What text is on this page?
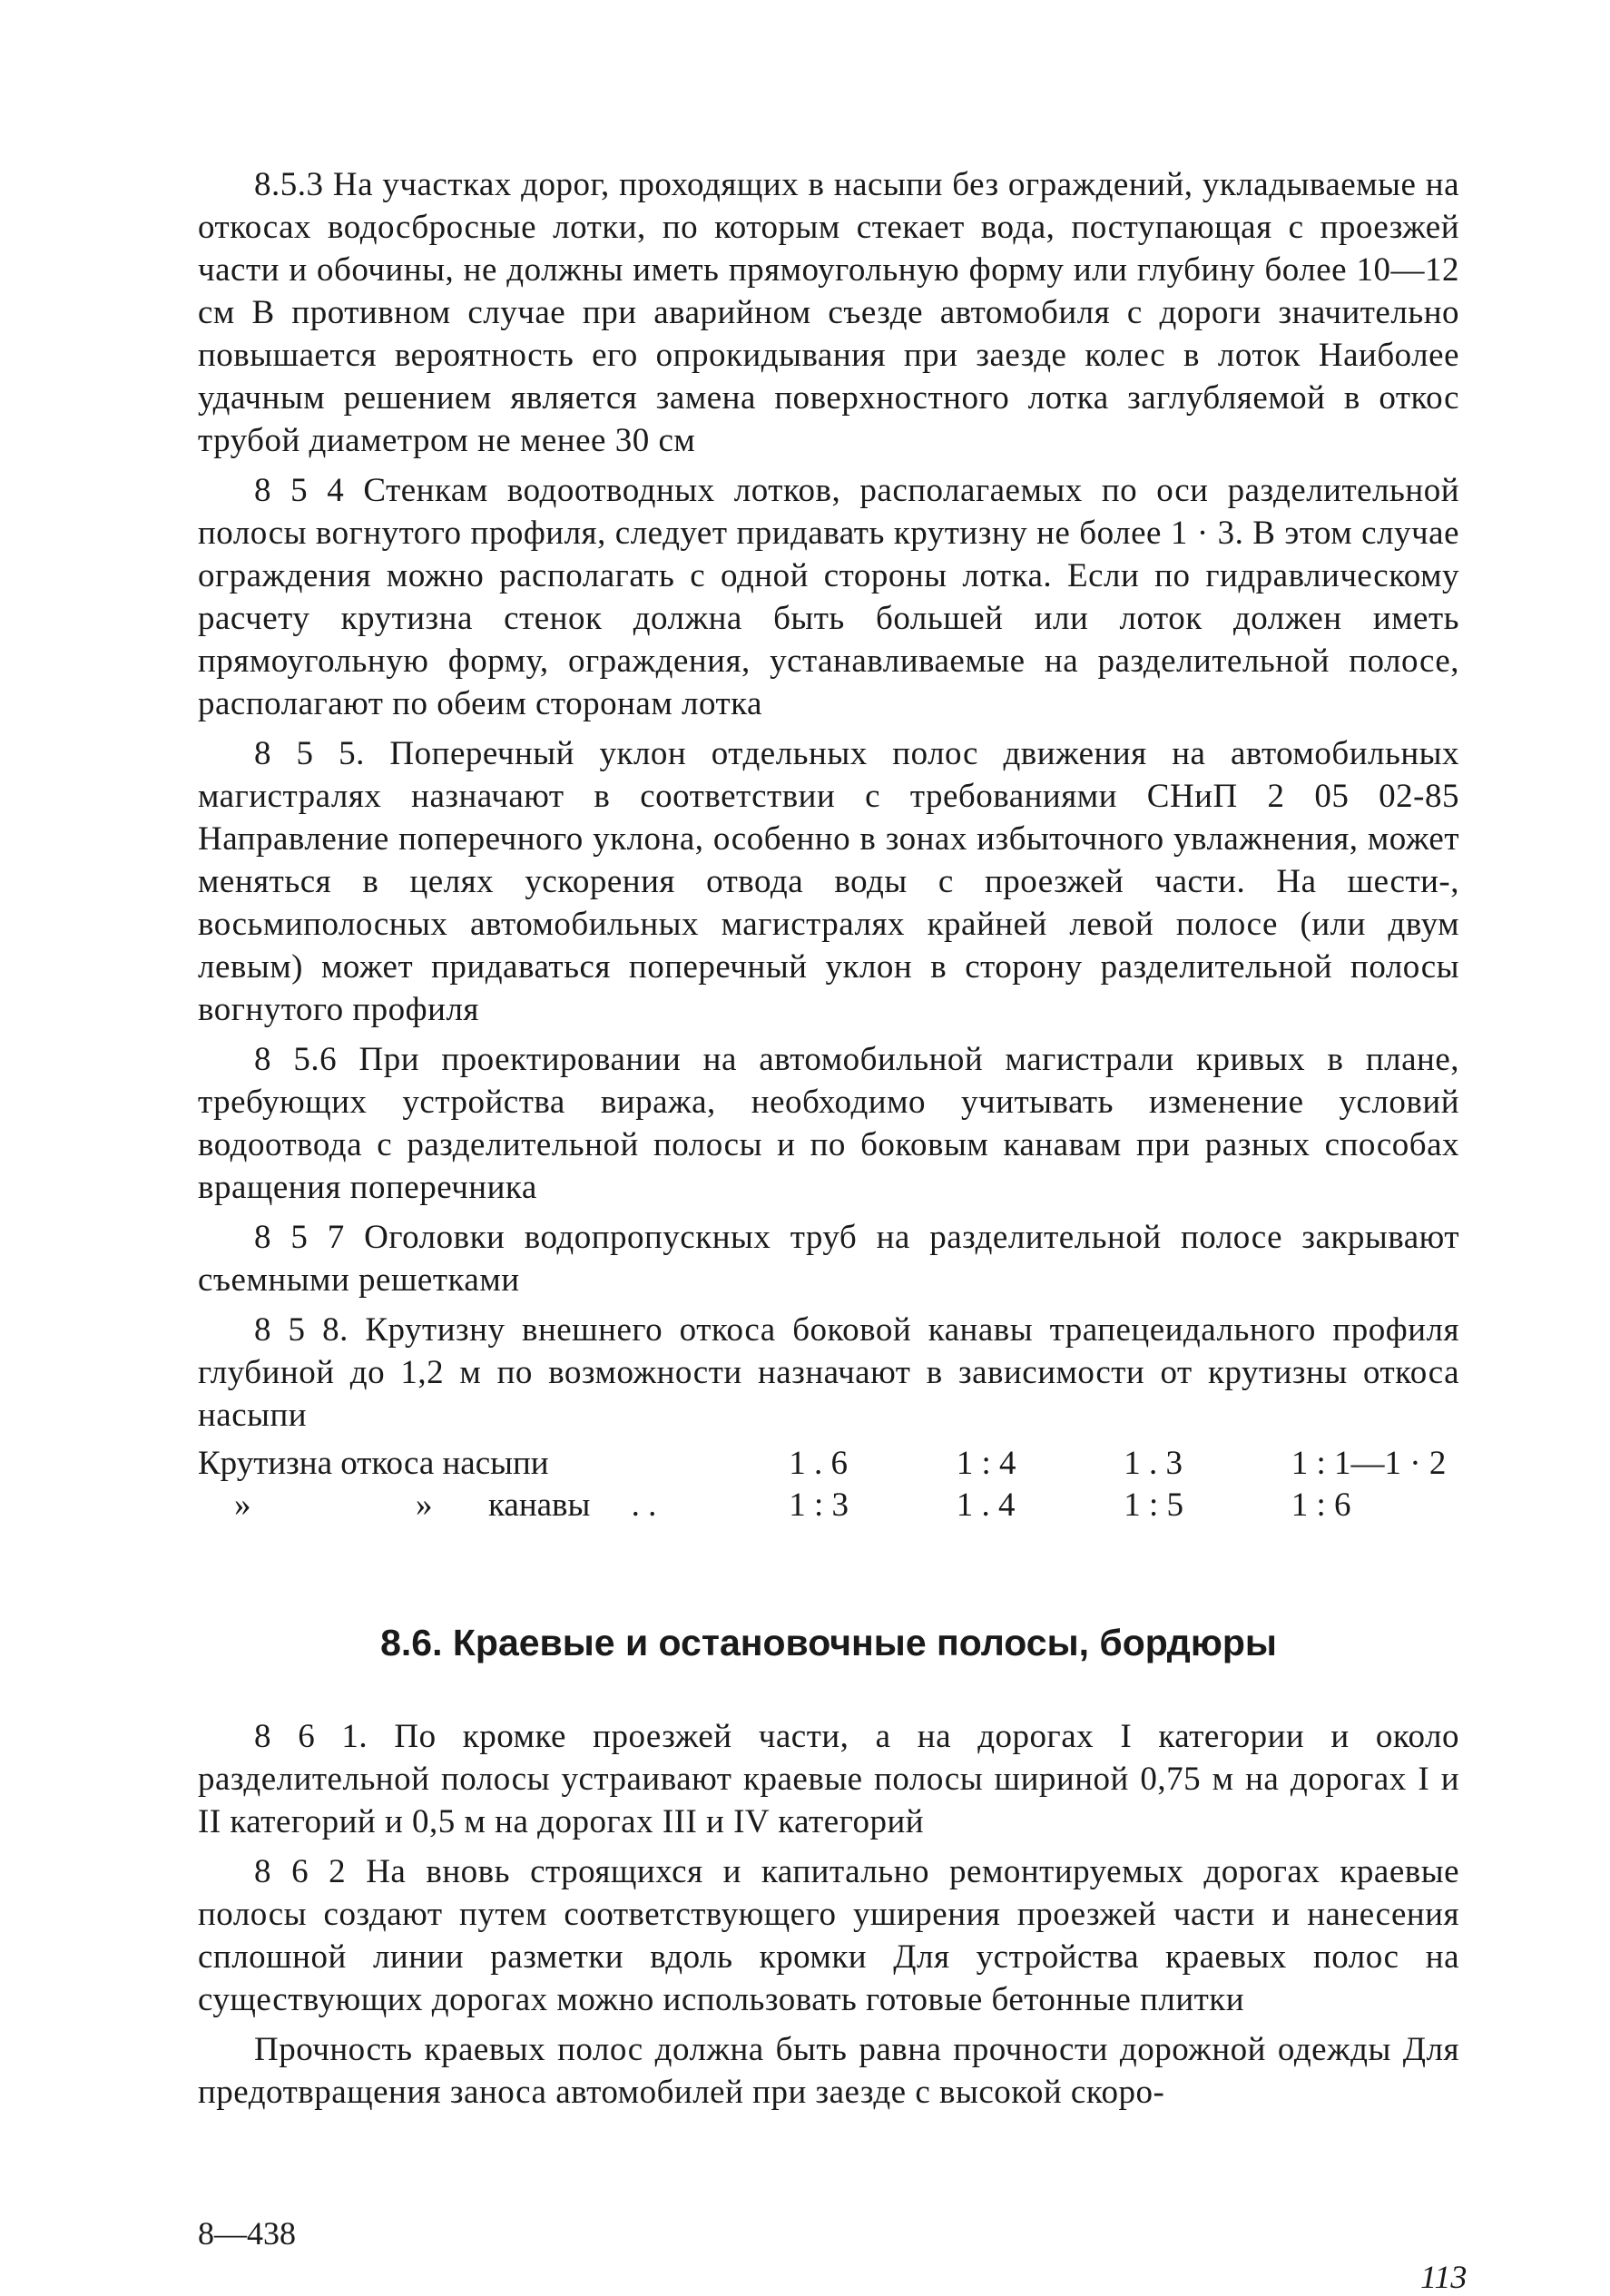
8.5.3 На участках дорог, проходящих в насыпи без ограждений, укладываемые на откосах водосбросные лотки, по которым стекает вода, поступающая с проезжей части и обочины, не должны иметь прямоугольную форму или глубину более 10—12 см В противном случае при аварийном съезде автомобиля с дороги значительно повышается вероятность его опрокидывания при заезде колес в лоток Наиболее удачным решением является замена поверхностного лотка заглубляемой в откос трубой диаметром не менее 30 см

8 5 4 Стенкам водоотводных лотков, располагаемых по оси разделительной полосы вогнутого профиля, следует придавать крутизну не более 1 · 3. В этом случае ограждения можно располагать с одной стороны лотка. Если по гидравлическому расчету крутизна стенок должна быть большей или лоток должен иметь прямоугольную форму, ограждения, устанавливаемые на разделительной полосе, располагают по обеим сторонам лотка

8 5 5. Поперечный уклон отдельных полос движения на автомобильных магистралях назначают в соответствии с требованиями СНиП 2 05 02-85 Направление поперечного уклона, особенно в зонах избыточного увлажнения, может меняться в целях ускорения отвода воды с проезжей части. На шести-, восьмиполосных автомобильных магистралях крайней левой полосе (или двум левым) может придаваться поперечный уклон в сторону разделительной полосы вогнутого профиля

8 5.6 При проектировании на автомобильной магистрали кривых в плане, требующих устройства виража, необходимо учитывать изменение условий водоотвода с разделительной полосы и по боковым канавам при разных способах вращения поперечника

8 5 7 Оголовки водопропускных труб на разделительной полосе закрывают съемными решетками

8 5 8. Крутизну внешнего откоса боковой канавы трапецеидального профиля глубиной до 1,2 м по возможности назначают в зависимости от крутизны откоса насыпи

Крутизна откоса насыпи		1 . 6	1 : 4	1 . 3	1 : 1—1 · 2
» » канавы	. .	1 : 3	1 . 4	1 : 5	1 : 6
8.6. Краевые и остановочные полосы, бордюры

8 6 1. По кромке проезжей части, а на дорогах I категории и около разделительной полосы устраивают краевые полосы шириной 0,75 м на дорогах I и II категорий и 0,5 м на дорогах III и IV категорий

8 6 2 На вновь строящихся и капитально ремонтируемых дорогах краевые полосы создают путем соответствующего уширения проезжей части и нанесения сплошной линии разметки вдоль кромки Для устройства краевых полос на существующих дорогах можно использовать готовые бетонные плитки

Прочность краевых полос должна быть равна прочности дорожной одежды Для предотвращения заноса автомобилей при заезде с высокой скоро-

8—438
113
